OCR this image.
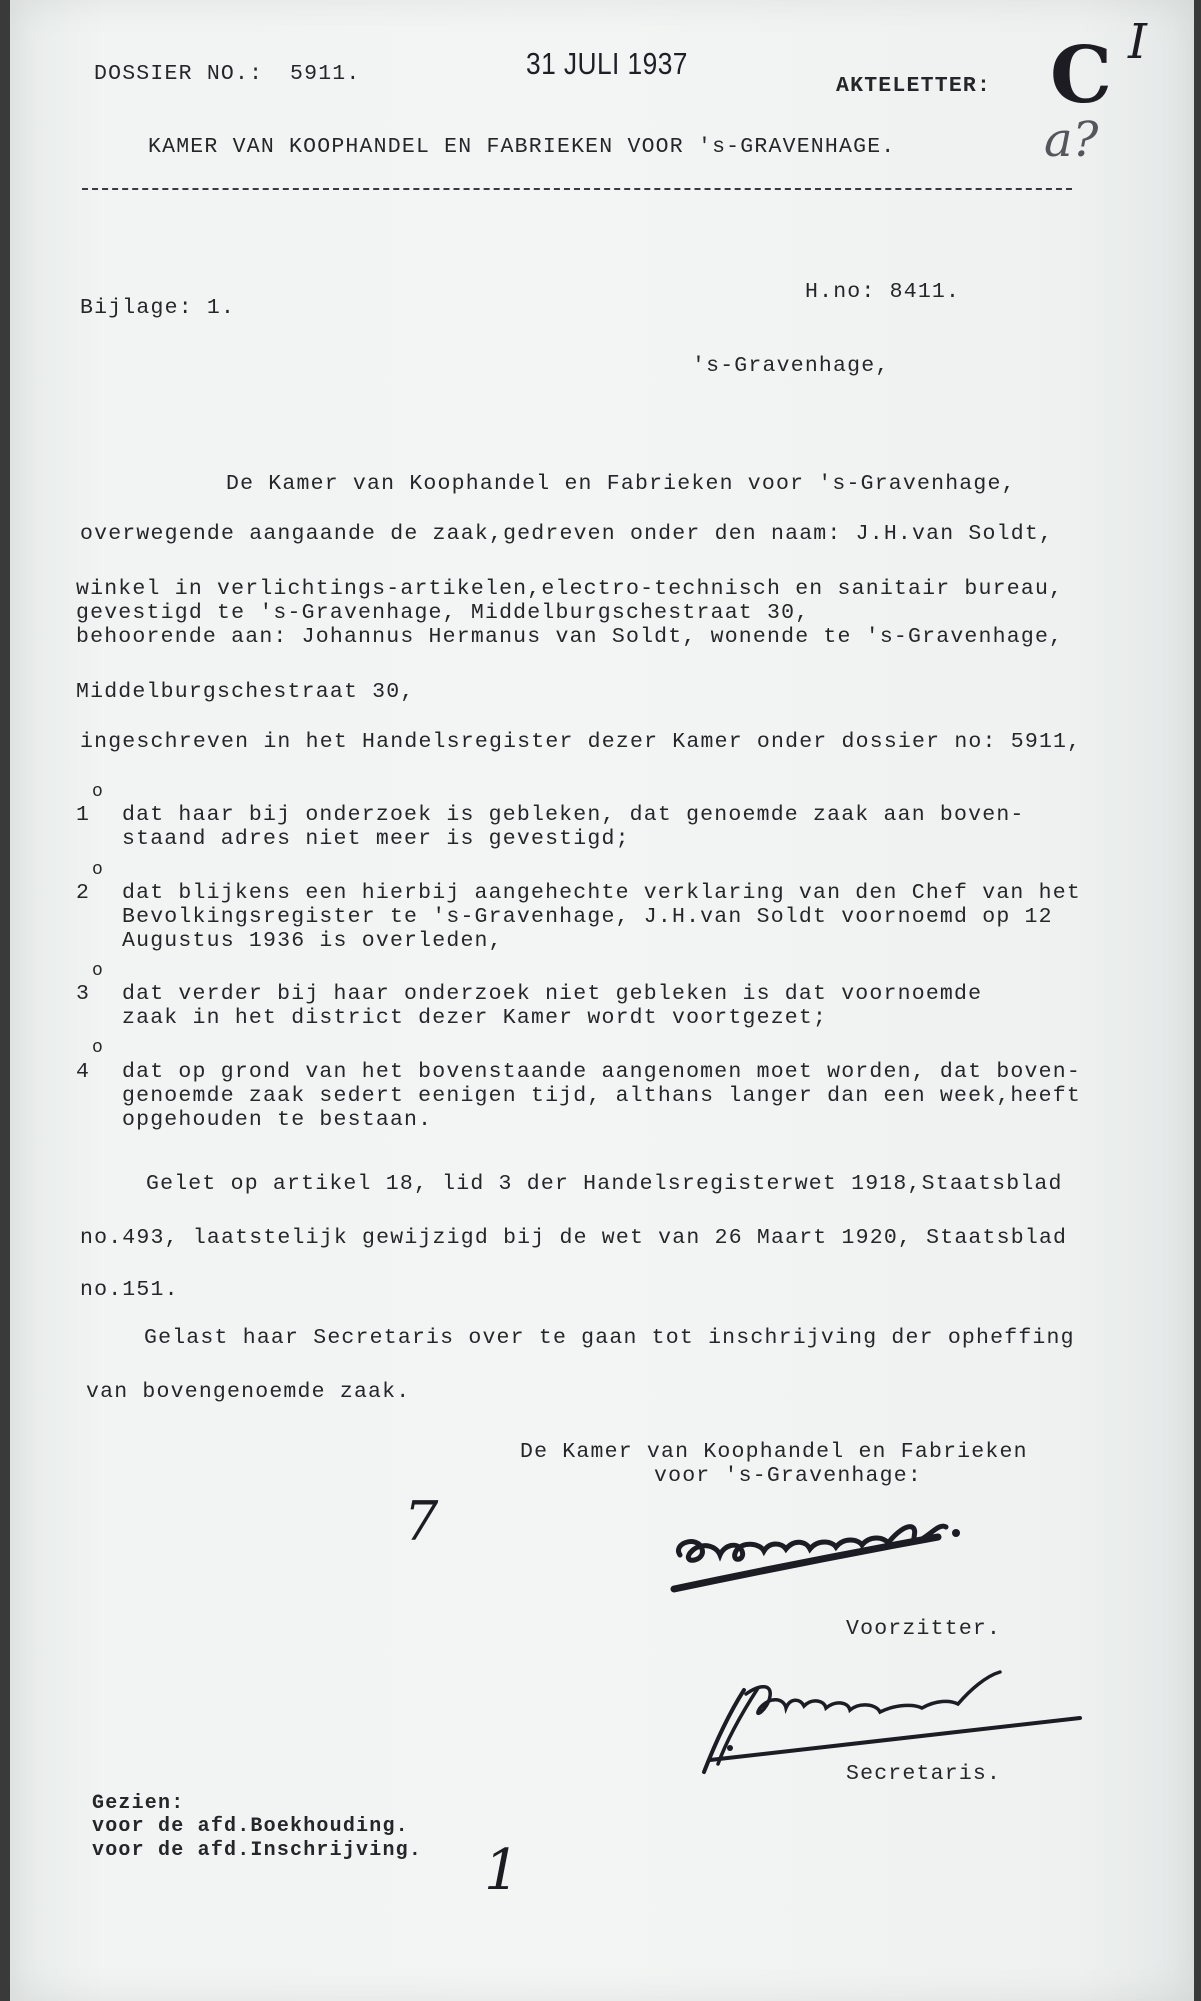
DOSSIER NO.: 5911.	31 JULI 1937
AKTELETTER: C I
a?
KAMER VAN KOOPHANDEL EN FABRIEKEN VOOR 's-GRAVENHAGE.
Bijlage: 1.
H.no: 8411.
's-Gravenhage,
De Kamer van Koophandel en Fabrieken voor 's-Gravenhage,
overwegende aangaande de zaak,gedreven onder den naam: J.H.van Soldt,
winkel in verlichtings-artikelen,electro-technisch en sanitair bureau,
gevestigd te 's-Gravenhage, Middelburgschestraat 30,
behoorende aan: Johannus Hermanus van Soldt, wonende te 's-Gravenhage,
Middelburgschestraat 30,
ingeschreven in het Handelsregister dezer Kamer onder dossier no: 5911,
o
1 dat haar bij onderzoek is gebleken, dat genoemde zaak aan boven-
staand adres niet meer is gevestigd;
o
2 dat blijkens een hierbij aangehechte verklaring van den Chef van het
Bevolkingsregister te 's-Gravenhage, J.H.van Soldt voornoemd op 12
Augustus 1936 is overleden,
o
3 dat verder bij haar onderzoek niet gebleken is dat voornoemde
zaak in het district dezer Kamer wordt voortgezet;
o
4 dat op grond van het bovenstaande aangenomen moet worden, dat boven-
genoemde zaak sedert eenigen tijd, althans langer dan een week,heeft
opgehouden te bestaan.
Gelet op artikel 18, lid 3 der Handelsregisterwet 1918,Staatsblad
no.493, laatstelijk gewijzigd bij de wet van 26 Maart 1920, Staatsblad
no.151.
Gelast haar Secretaris over te gaan tot inschrijving der opheffing
van bovengenoemde zaak.
De Kamer van Koophandel en Fabrieken
voor 's-Gravenhage:
7
Voorzitter.
Secretaris.
Gezien:
voor de afd.Boekhouding.
voor de afd.Inschrijving. 1
